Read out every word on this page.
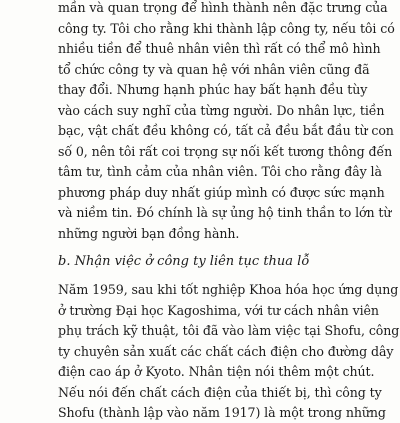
mần và quan trọng để hình thành nên đặc trưng của
công ty. Tôi cho rằng khi thành lập công ty, nếu tôi có
nhiều tiền để thuê nhân viên thì rất có thể mô hình
tổ chức công ty và quan hệ với nhân viên cũng đã
thay đổi. Nhưng hạnh phúc hay bất hạnh đều tùy
vào cách suy nghĩ của từng người. Do nhân lực, tiền
bạc, vật chất đều không có, tất cả đều bắt đầu từ con
số 0, nên tôi rất coi trọng sự nối kết tương thông đến
tâm tư, tình cảm của nhân viên. Tôi cho rằng đây là
phương pháp duy nhất giúp mình có được sức mạnh
và niềm tin. Đó chính là sự ủng hộ tinh thần to lớn từ
những người bạn đồng hành.
b. Nhận việc ở công ty liên tục thua lỗ
Năm 1959, sau khi tốt nghiệp Khoa hóa học ứng dụng
ở trường Đại học Kagoshima, với tư cách nhân viên
phụ trách kỹ thuật, tôi đã vào làm việc tại Shofu, công
ty chuyên sản xuất các chất cách điện cho đường dây
điện cao áp ở Kyoto. Nhân tiện nói thêm một chút.
Nếu nói đến chất cách điện của thiết bị, thì công ty
Shofu (thành lập vào năm 1917) là một trong những
